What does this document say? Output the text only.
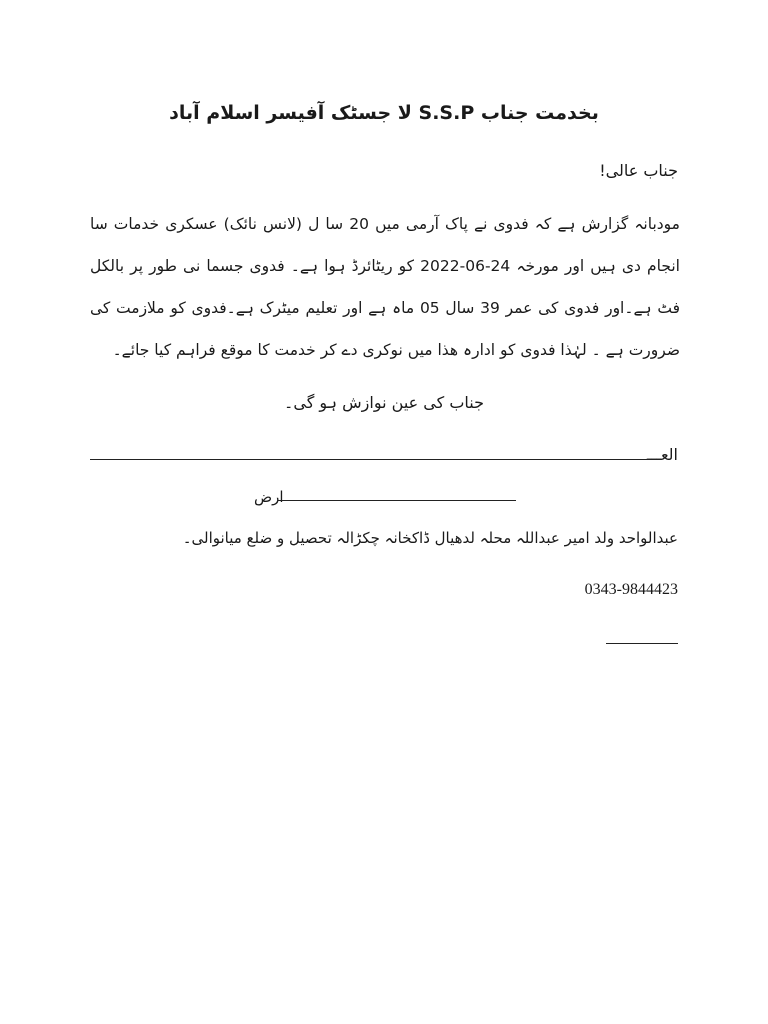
بخدمت جناب S.S.P لا جسٹک آفیسر اسلام آباد
جناب عالی!
مودبانہ گزارش ہے کہ فدوی نے پاک آرمی میں 20 سا ل (لانس نائک) عسکری خدمات سا انجام دی ہیں اور مورخہ 24-06-2022 کو ریٹائرڈ ہوا ہے۔ فدوی جسما نی طور پر بالکل فٹ ہے۔اور فدوی کی عمر 39 سال 05 ماہ ہے اور تعلیم میٹرک ہے۔فدوی کو ملازمت کی ضرورت ہے ۔ لہٰذا فدوی کو ادارہ ھذا میں نوکری دے کر خدمت کا موقع فراہم کیا جائے۔
جناب کی عین نوازش ہو گی۔
العـــ
ارض
عبدالواحد ولد امیر عبداللہ محلہ لدھیال ڈاکخانہ چکڑالہ تحصیل و ضلع میانوالی۔
0343-9844423
